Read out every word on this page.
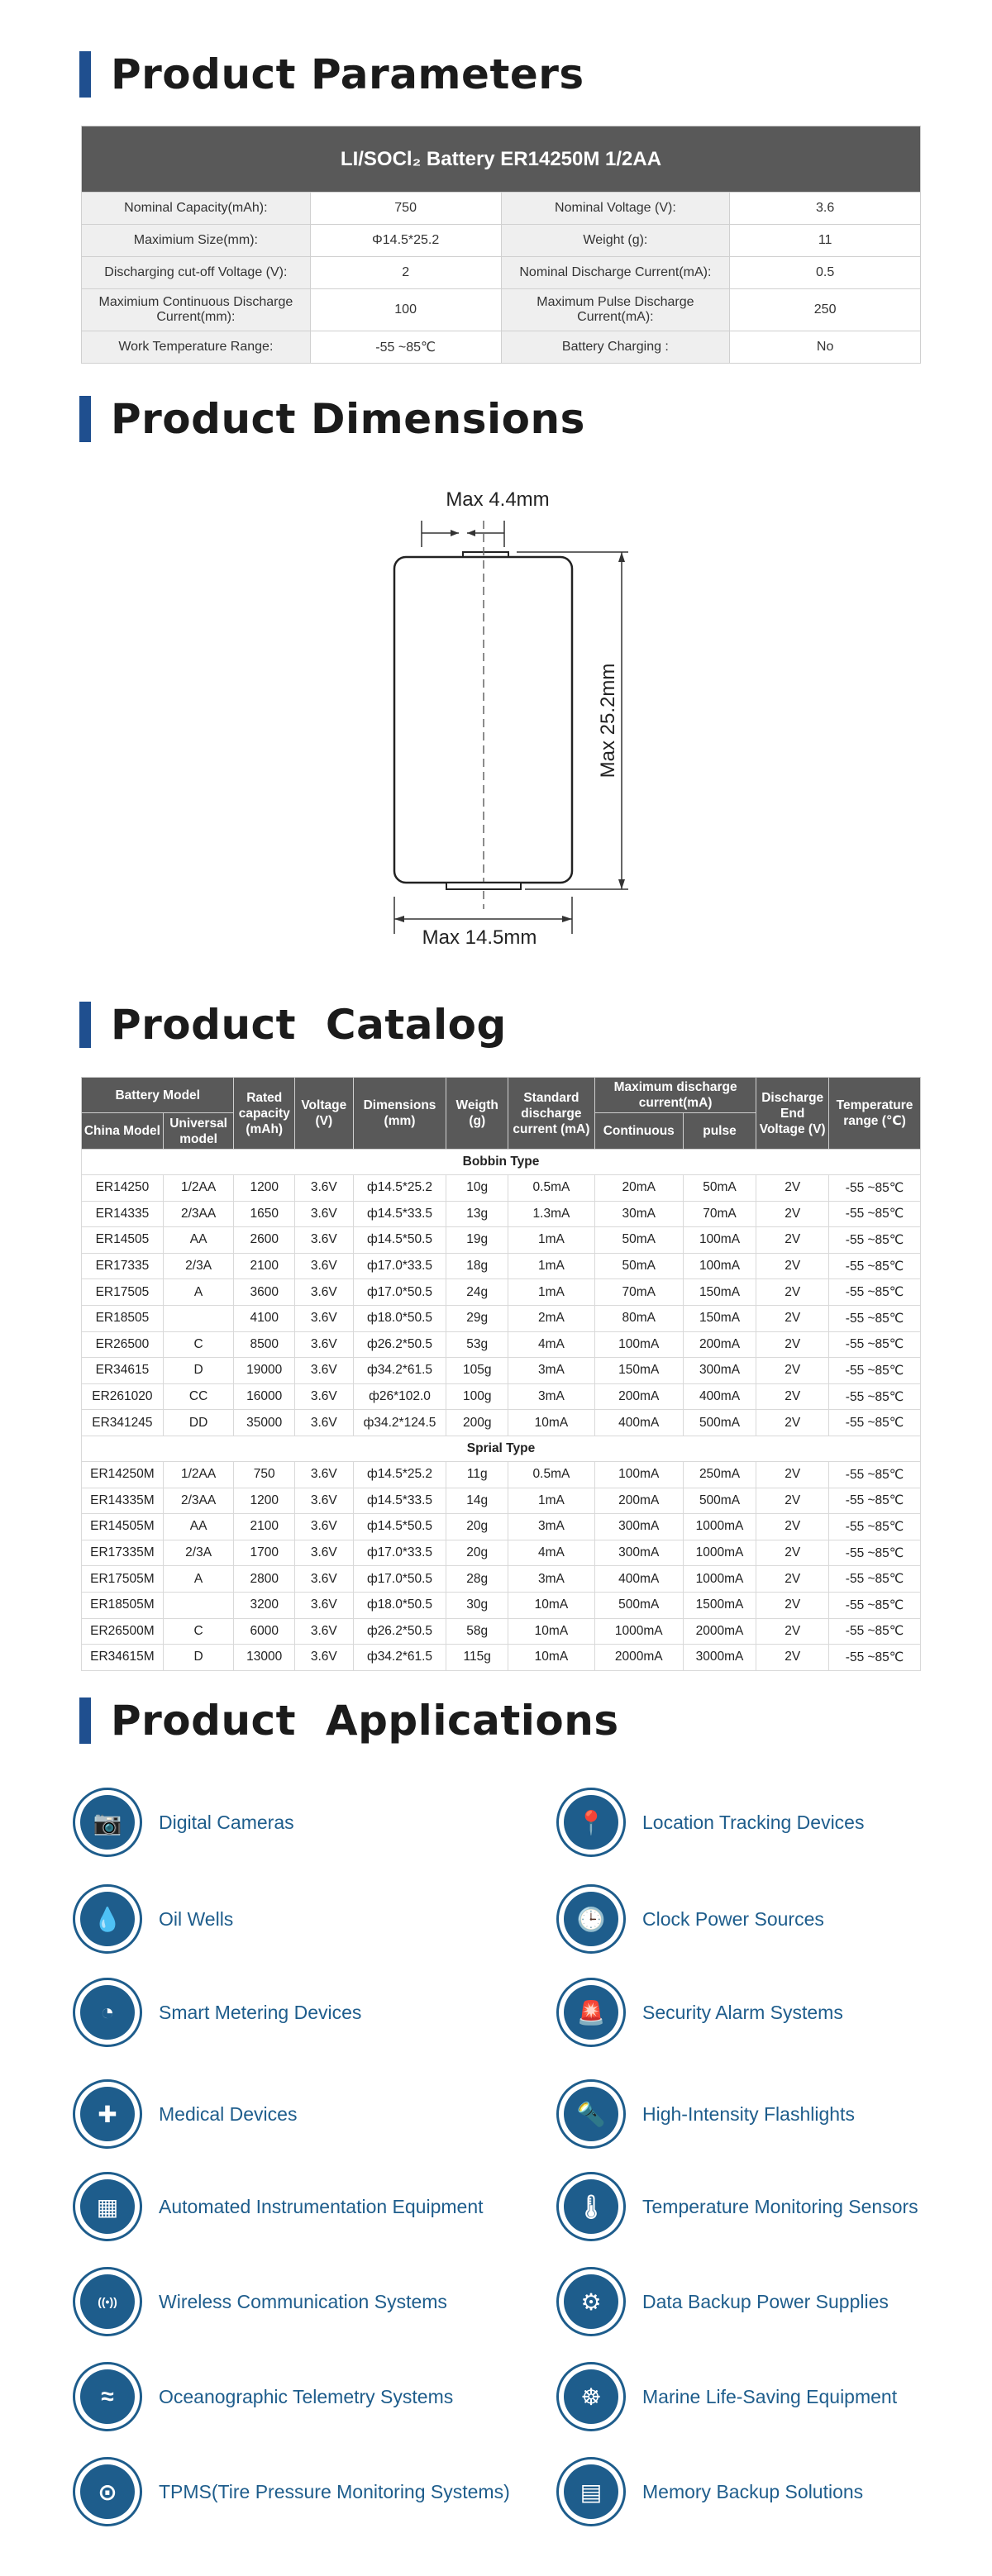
Product Parameters
LI/SOCl₂ Battery ER14250M 1/2AA			
Nominal Capacity(mAh):	750	Nominal Voltage (V):	3.6
Maximium Size(mm):	Φ14.5*25.2	Weight (g):	11
Discharging cut-off Voltage (V):	2	Nominal Discharge Current(mA):	0.5
Maximium Continuous Discharge Current(mm):	100	Maximum Pulse Discharge Current(mA):	250
Work Temperature Range:	-55 ~85℃	Battery Charging :	No
Product Dimensions
Max 4.4mm
Max 25.2mm
Max 14.5mm
Product  Catalog
Battery Model		Rated capacity (mAh)	Voltage (V)	Dimensions (mm)	Weigth (g)	Standard discharge current (mA)	Maximum discharge current(mA)		Discharge End Voltage (V)	Temperature range (℃)
China Model	Universal model						Continuous	pulse		
Bobbin Type										
ER14250	1/2AA	1200	3.6V	ф14.5*25.2	10g	0.5mA	20mA	50mA	2V	-55 ~85℃
ER14335	2/3AA	1650	3.6V	ф14.5*33.5	13g	1.3mA	30mA	70mA	2V	-55 ~85℃
ER14505	AA	2600	3.6V	ф14.5*50.5	19g	1mA	50mA	100mA	2V	-55 ~85℃
ER17335	2/3A	2100	3.6V	ф17.0*33.5	18g	1mA	50mA	100mA	2V	-55 ~85℃
ER17505	A	3600	3.6V	ф17.0*50.5	24g	1mA	70mA	150mA	2V	-55 ~85℃
ER18505		4100	3.6V	ф18.0*50.5	29g	2mA	80mA	150mA	2V	-55 ~85℃
ER26500	C	8500	3.6V	ф26.2*50.5	53g	4mA	100mA	200mA	2V	-55 ~85℃
ER34615	D	19000	3.6V	ф34.2*61.5	105g	3mA	150mA	300mA	2V	-55 ~85℃
ER261020	CC	16000	3.6V	ф26*102.0	100g	3mA	200mA	400mA	2V	-55 ~85℃
ER341245	DD	35000	3.6V	ф34.2*124.5	200g	10mA	400mA	500mA	2V	-55 ~85℃
Sprial Type										
ER14250M	1/2AA	750	3.6V	ф14.5*25.2	11g	0.5mA	100mA	250mA	2V	-55 ~85℃
ER14335M	2/3AA	1200	3.6V	ф14.5*33.5	14g	1mA	200mA	500mA	2V	-55 ~85℃
ER14505M	AA	2100	3.6V	ф14.5*50.5	20g	3mA	300mA	1000mA	2V	-55 ~85℃
ER17335M	2/3A	1700	3.6V	ф17.0*33.5	20g	4mA	300mA	1000mA	2V	-55 ~85℃
ER17505M	A	2800	3.6V	ф17.0*50.5	28g	3mA	400mA	1000mA	2V	-55 ~85℃
ER18505M		3200	3.6V	ф18.0*50.5	30g	10mA	500mA	1500mA	2V	-55 ~85℃
ER26500M	C	6000	3.6V	ф26.2*50.5	58g	10mA	1000mA	2000mA	2V	-55 ~85℃
ER34615M	D	13000	3.6V	ф34.2*61.5	115g	10mA	2000mA	3000mA	2V	-55 ~85℃
Product  Applications
📷	Digital Cameras	📍	Location Tracking Devices
💧	Oil Wells	🕒	Clock Power Sources
◔	Smart Metering Devices	🚨	Security Alarm Systems
✚	Medical Devices	🔦	High-Intensity Flashlights
▦	Automated Instrumentation Equipment	🌡	Temperature Monitoring Sensors
((•))	Wireless Communication Systems	⚙	Data Backup Power Supplies
≈	Oceanographic Telemetry Systems	☸	Marine Life-Saving Equipment
⊙	TPMS(Tire Pressure Monitoring Systems)	▤	Memory Backup Solutions
